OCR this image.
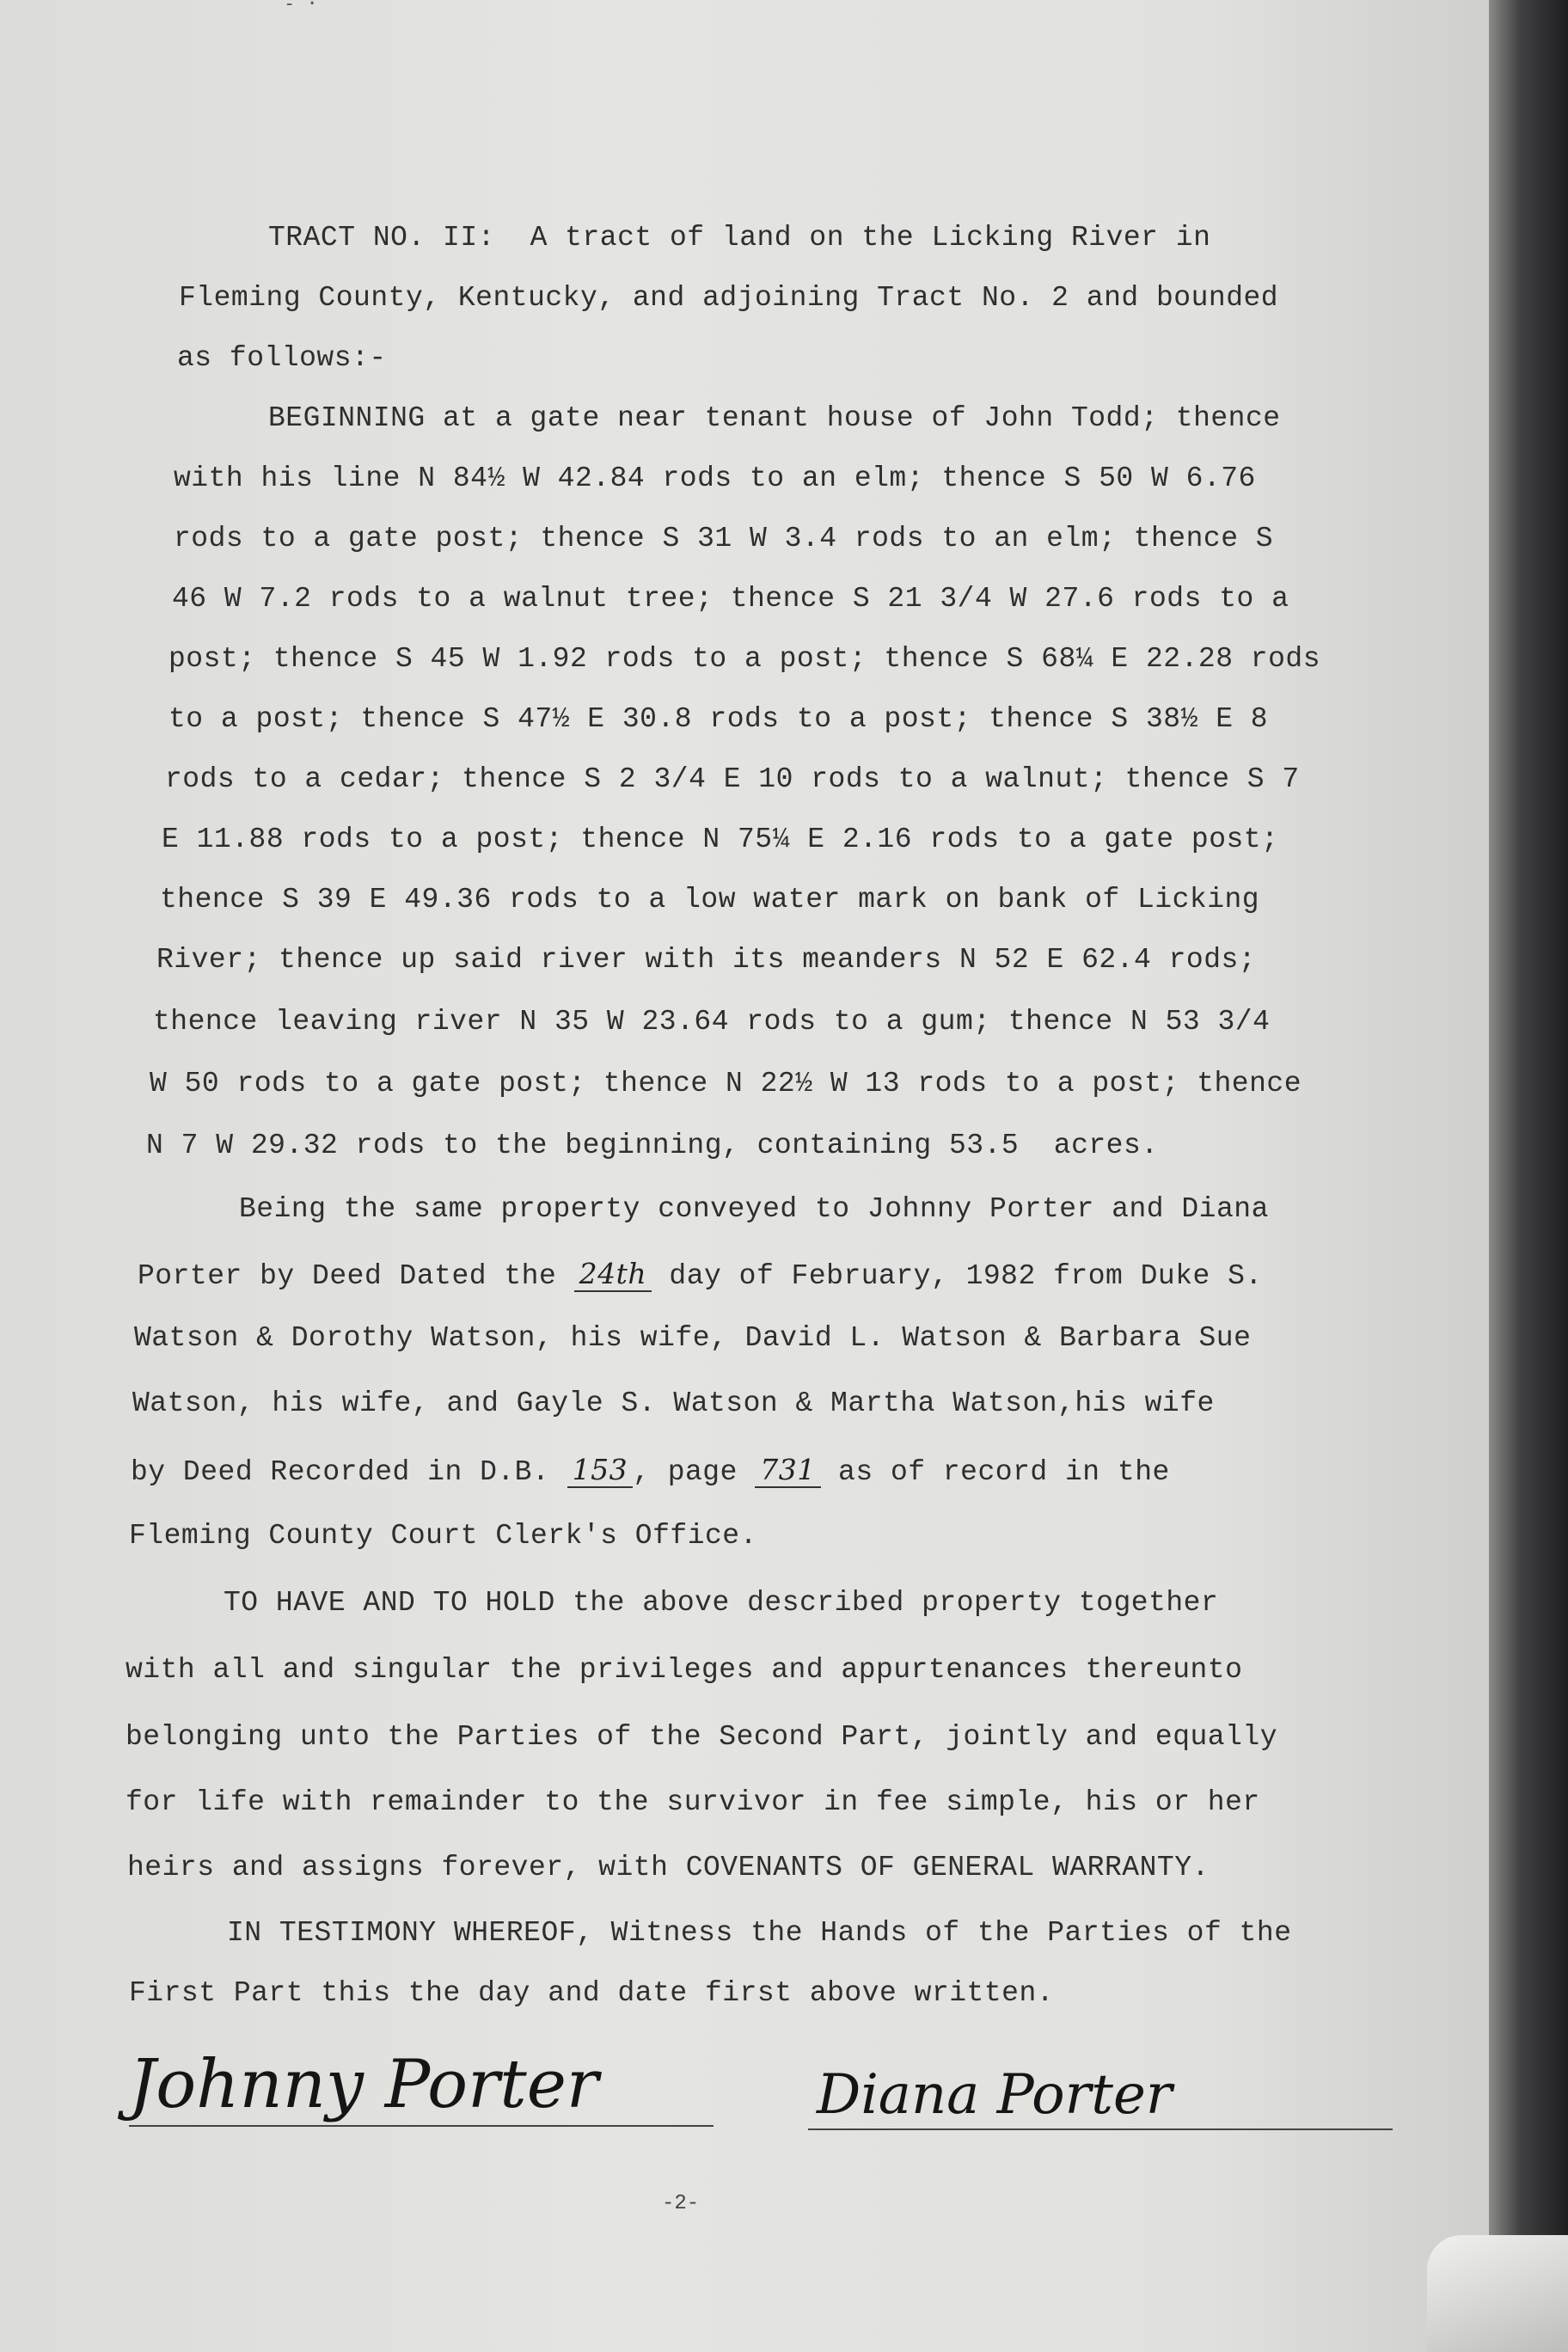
- ·
TRACT NO. II: A tract of land on the Licking River in
Fleming County, Kentucky, and adjoining Tract No. 2 and bounded
as follows:-
BEGINNING at a gate near tenant house of John Todd; thence
with his line N 84½ W 42.84 rods to an elm; thence S 50 W 6.76
rods to a gate post; thence S 31 W 3.4 rods to an elm; thence S
46 W 7.2 rods to a walnut tree; thence S 21 3/4 W 27.6 rods to a
post; thence S 45 W 1.92 rods to a post; thence S 68¼ E 22.28 rods
to a post; thence S 47½ E 30.8 rods to a post; thence S 38½ E 8
rods to a cedar; thence S 2 3/4 E 10 rods to a walnut; thence S 7
E 11.88 rods to a post; thence N 75¼ E 2.16 rods to a gate post;
thence S 39 E 49.36 rods to a low water mark on bank of Licking
River; thence up said river with its meanders N 52 E 62.4 rods;
thence leaving river N 35 W 23.64 rods to a gum; thence N 53 3/4
W 50 rods to a gate post; thence N 22½ W 13 rods to a post; thence
N 7 W 29.32 rods to the beginning, containing 53.5  acres.
Being the same property conveyed to Johnny Porter and Diana
Porter by Deed Dated the 24th day of February, 1982 from Duke S.
Watson & Dorothy Watson, his wife, David L. Watson & Barbara Sue
Watson, his wife, and Gayle S. Watson & Martha Watson,his wife
by Deed Recorded in D.B. 153 , page 731 as of record in the
Fleming County Court Clerk's Office.
TO HAVE AND TO HOLD the above described property together
with all and singular the privileges and appurtenances thereunto
belonging unto the Parties of the Second Part, jointly and equally
for life with remainder to the survivor in fee simple, his or her
heirs and assigns forever, with COVENANTS OF GENERAL WARRANTY.
IN TESTIMONY WHEREOF, Witness the Hands of the Parties of the
First Part this the day and date first above written.
Johnny Porter	Diana Porter
-2-
